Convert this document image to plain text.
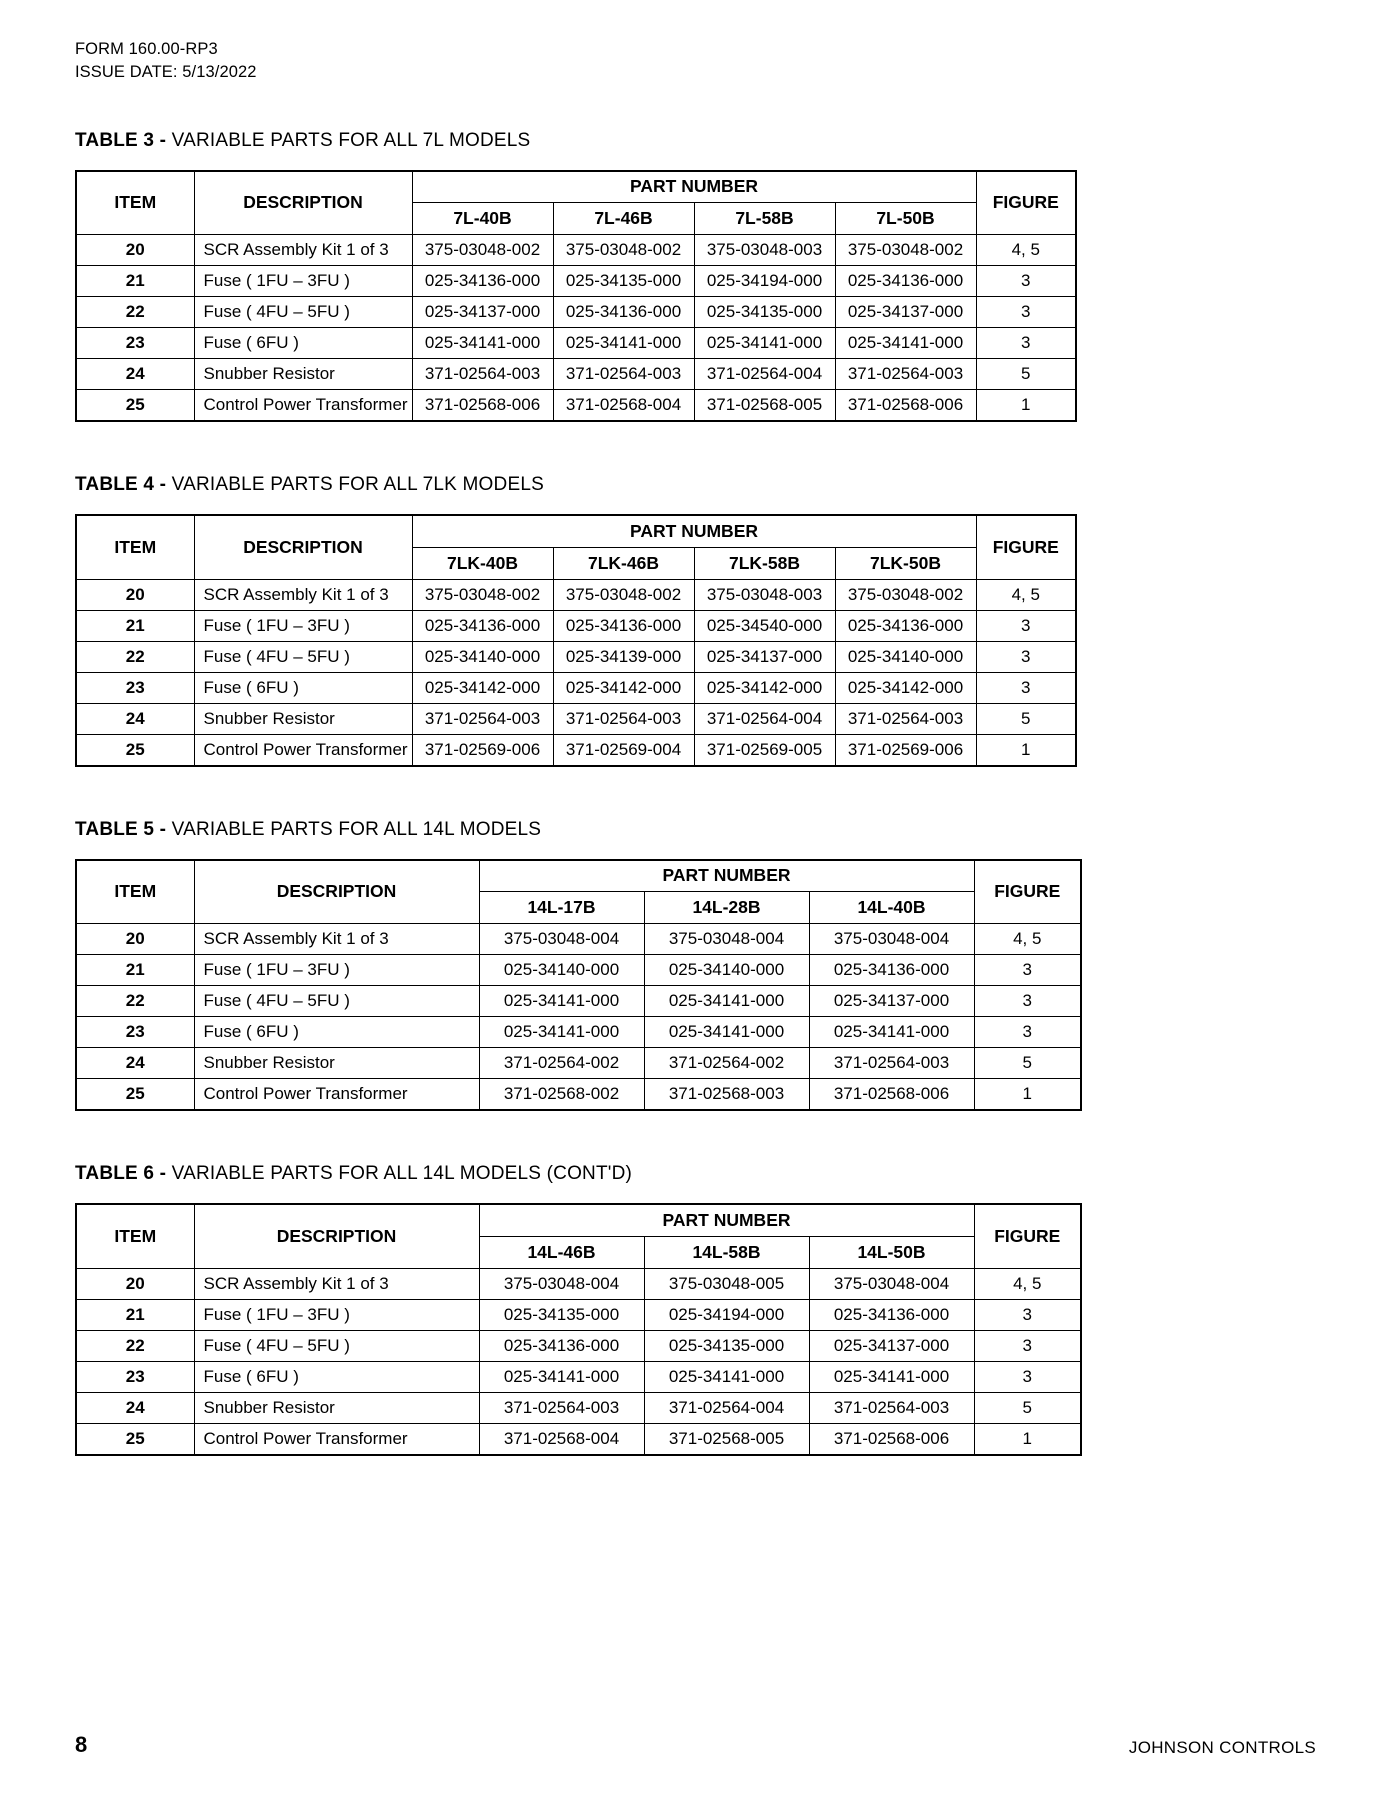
FORM 160.00-RP3
ISSUE DATE: 5/13/2022
TABLE 3 - VARIABLE PARTS FOR ALL 7L MODELS
ITEM	DESCRIPTION	PART NUMBER				FIGURE
		7L-40B	7L-46B	7L-58B	7L-50B	
20	SCR Assembly Kit 1 of 3	375-03048-002	375-03048-002	375-03048-003	375-03048-002	4, 5
21	Fuse ( 1FU – 3FU )	025-34136-000	025-34135-000	025-34194-000	025-34136-000	3
22	Fuse ( 4FU – 5FU )	025-34137-000	025-34136-000	025-34135-000	025-34137-000	3
23	Fuse ( 6FU )	025-34141-000	025-34141-000	025-34141-000	025-34141-000	3
24	Snubber Resistor	371-02564-003	371-02564-003	371-02564-004	371-02564-003	5
25	Control Power Transformer	371-02568-006	371-02568-004	371-02568-005	371-02568-006	1
TABLE 4 - VARIABLE PARTS FOR ALL 7LK MODELS
ITEM	DESCRIPTION	PART NUMBER				FIGURE
		7LK-40B	7LK-46B	7LK-58B	7LK-50B	
20	SCR Assembly Kit 1 of 3	375-03048-002	375-03048-002	375-03048-003	375-03048-002	4, 5
21	Fuse ( 1FU – 3FU )	025-34136-000	025-34136-000	025-34540-000	025-34136-000	3
22	Fuse ( 4FU – 5FU )	025-34140-000	025-34139-000	025-34137-000	025-34140-000	3
23	Fuse ( 6FU )	025-34142-000	025-34142-000	025-34142-000	025-34142-000	3
24	Snubber Resistor	371-02564-003	371-02564-003	371-02564-004	371-02564-003	5
25	Control Power Transformer	371-02569-006	371-02569-004	371-02569-005	371-02569-006	1
TABLE 5 - VARIABLE PARTS FOR ALL 14L MODELS
ITEM	DESCRIPTION	PART NUMBER			FIGURE
		14L-17B	14L-28B	14L-40B	
20	SCR Assembly Kit 1 of 3	375-03048-004	375-03048-004	375-03048-004	4, 5
21	Fuse ( 1FU – 3FU )	025-34140-000	025-34140-000	025-34136-000	3
22	Fuse ( 4FU – 5FU )	025-34141-000	025-34141-000	025-34137-000	3
23	Fuse ( 6FU )	025-34141-000	025-34141-000	025-34141-000	3
24	Snubber Resistor	371-02564-002	371-02564-002	371-02564-003	5
25	Control Power Transformer	371-02568-002	371-02568-003	371-02568-006	1
TABLE 6 - VARIABLE PARTS FOR ALL 14L MODELS (CONT'D)
ITEM	DESCRIPTION	PART NUMBER			FIGURE
		14L-46B	14L-58B	14L-50B	
20	SCR Assembly Kit 1 of 3	375-03048-004	375-03048-005	375-03048-004	4, 5
21	Fuse ( 1FU – 3FU )	025-34135-000	025-34194-000	025-34136-000	3
22	Fuse ( 4FU – 5FU )	025-34136-000	025-34135-000	025-34137-000	3
23	Fuse ( 6FU )	025-34141-000	025-34141-000	025-34141-000	3
24	Snubber Resistor	371-02564-003	371-02564-004	371-02564-003	5
25	Control Power Transformer	371-02568-004	371-02568-005	371-02568-006	1
8	JOHNSON CONTROLS
